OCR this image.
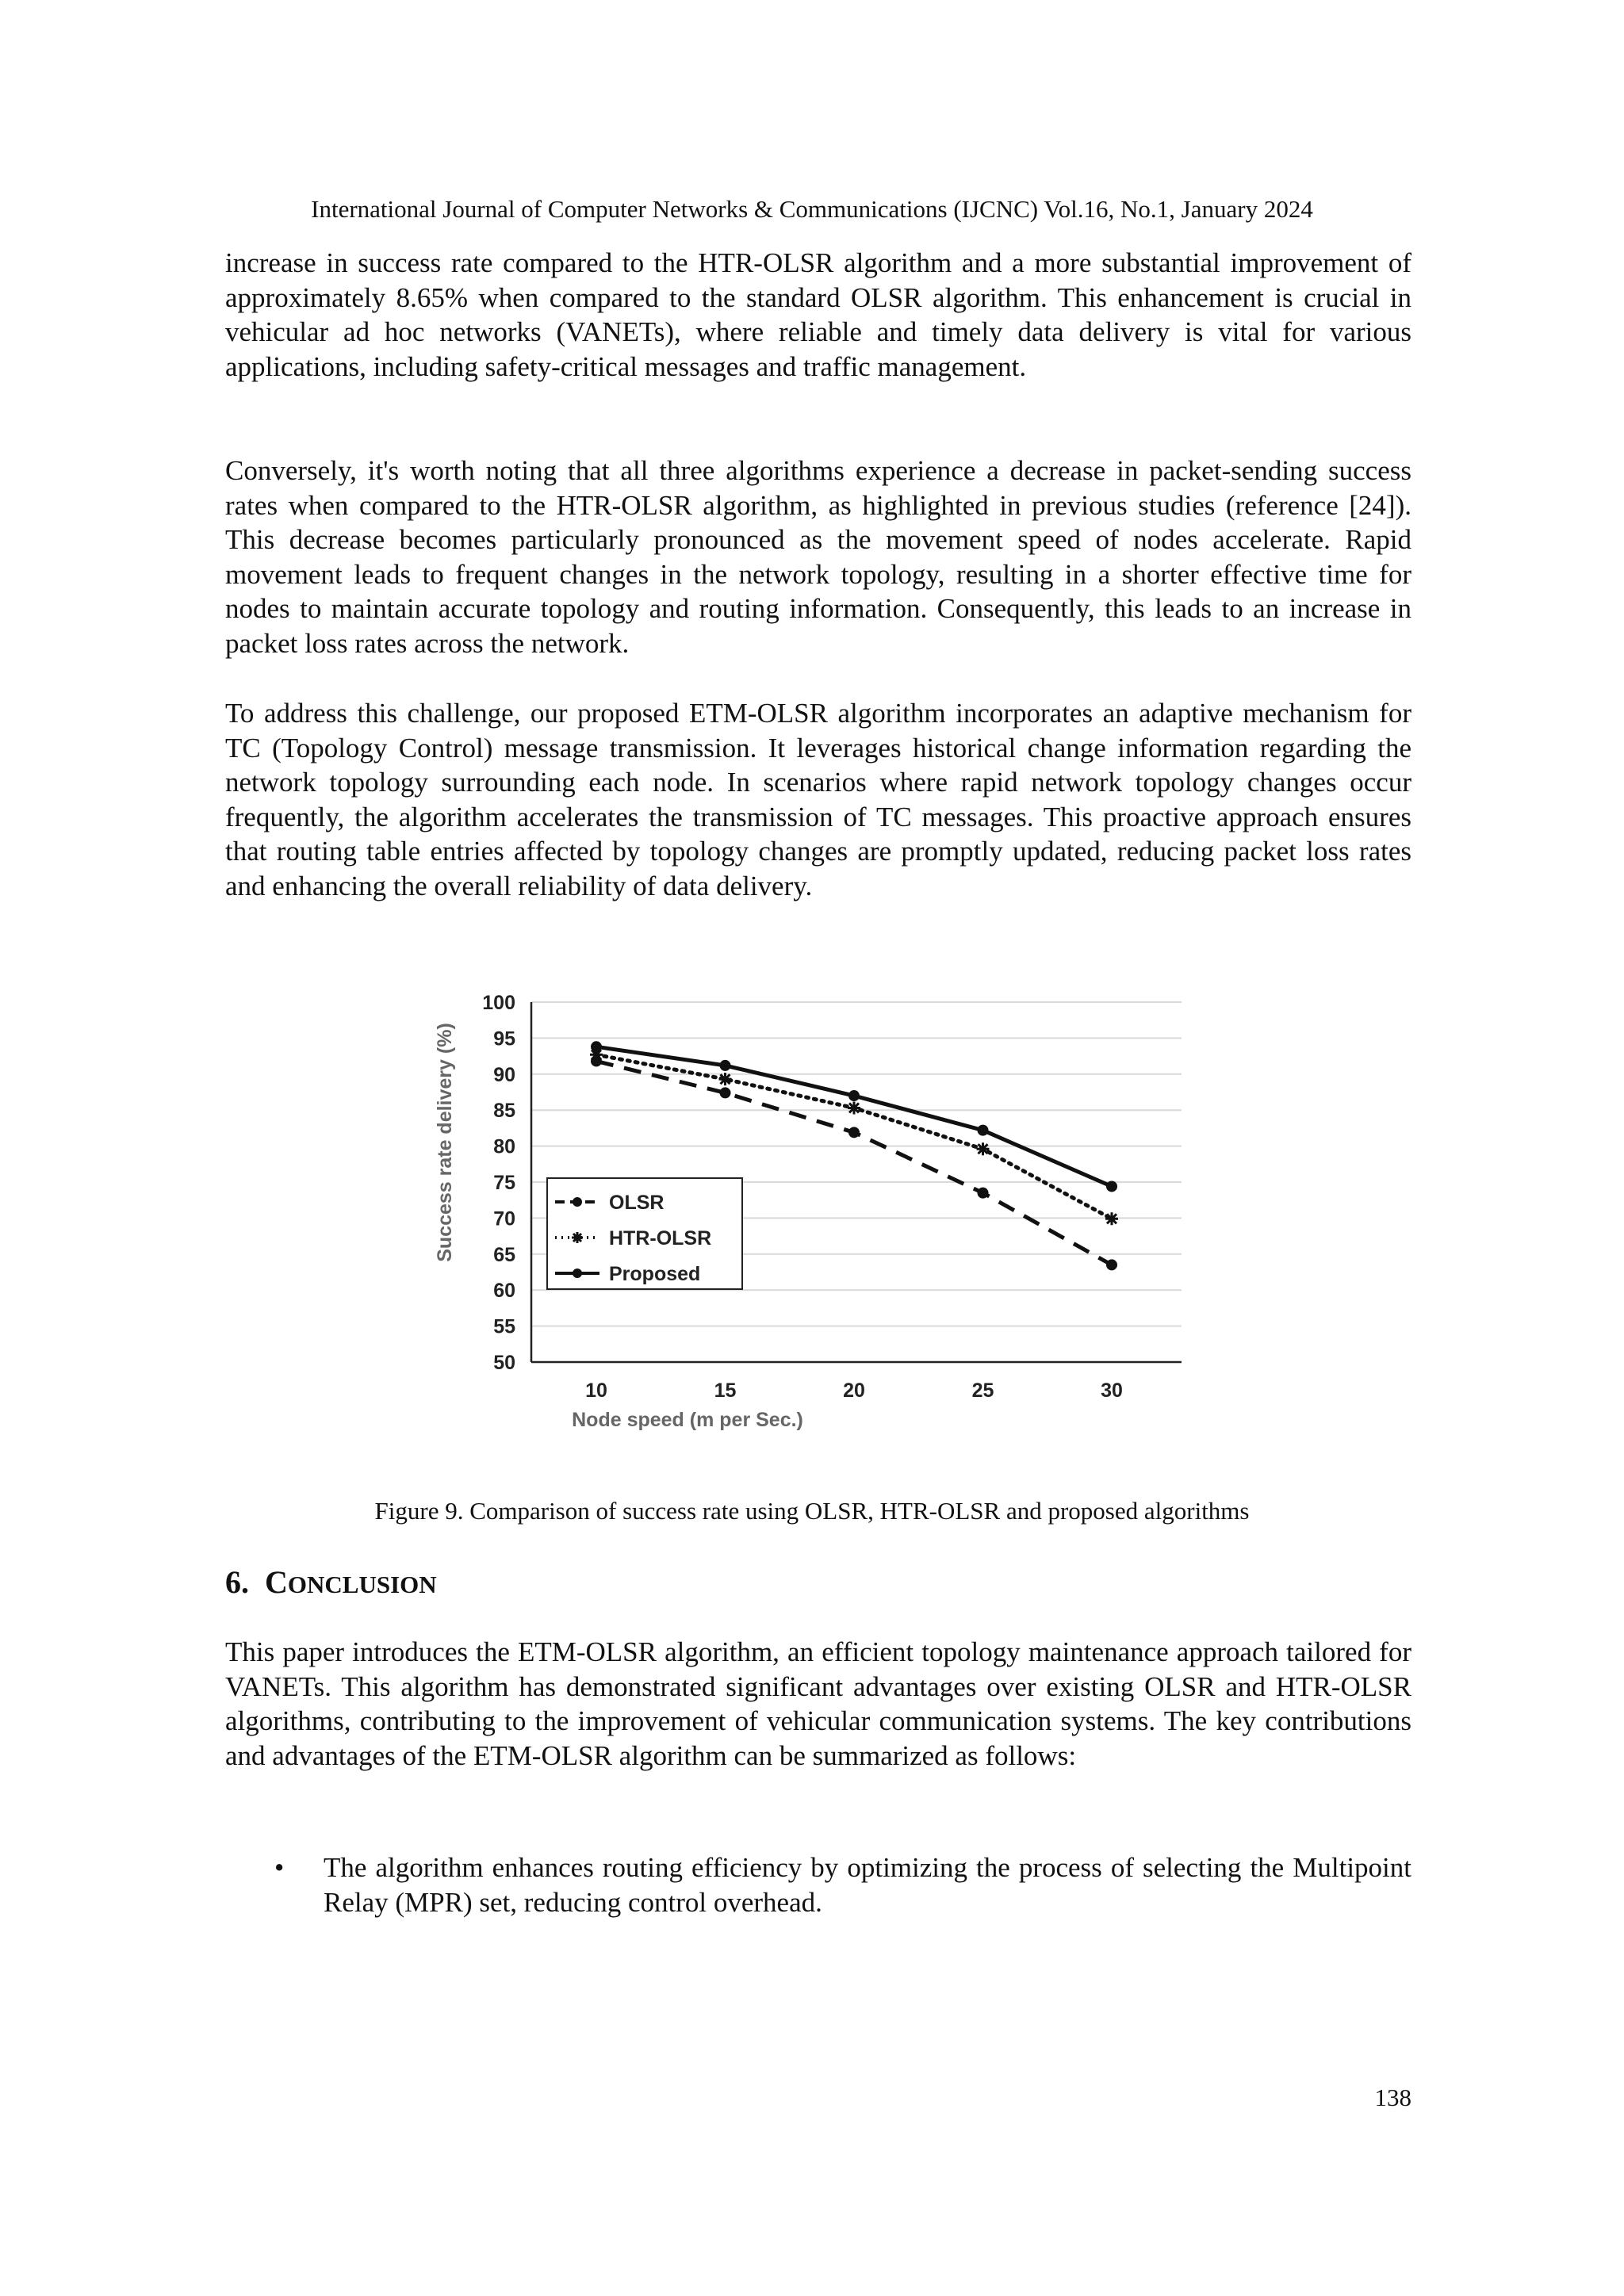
International Journal of Computer Networks & Communications (IJCNC) Vol.16, No.1, January 2024

increase in success rate compared to the HTR-OLSR algorithm and a more substantial improvement of approximately 8.65% when compared to the standard OLSR algorithm. This enhancement is crucial in vehicular ad hoc networks (VANETs), where reliable and timely data delivery is vital for various applications, including safety-critical messages and traffic management.

Conversely, it's worth noting that all three algorithms experience a decrease in packet-sending success rates when compared to the HTR-OLSR algorithm, as highlighted in previous studies (reference [24]). This decrease becomes particularly pronounced as the movement speed of nodes accelerate. Rapid movement leads to frequent changes in the network topology, resulting in a shorter effective time for nodes to maintain accurate topology and routing information. Consequently, this leads to an increase in packet loss rates across the network.

To address this challenge, our proposed ETM-OLSR algorithm incorporates an adaptive mechanism for TC (Topology Control) message transmission. It leverages historical change information regarding the network topology surrounding each node. In scenarios where rapid network topology changes occur frequently, the algorithm accelerates the transmission of TC messages. This proactive approach ensures that routing table entries affected by topology changes are promptly updated, reducing packet loss rates and enhancing the overall reliability of data delivery.

50
55
60
65
70
75
80
85
90
95
100
10	15	20	25	30
OLSR
HTR-OLSR
Proposed
Success rate delivery (%)
Node speed (m per Sec.)
Figure 9. Comparison of success rate using OLSR, HTR-OLSR and proposed algorithms
6. CONCLUSION

This paper introduces the ETM-OLSR algorithm, an efficient topology maintenance approach tailored for VANETs. This algorithm has demonstrated significant advantages over existing OLSR and HTR-OLSR algorithms, contributing to the improvement of vehicular communication systems. The key contributions and advantages of the ETM-OLSR algorithm can be summarized as follows:

• The algorithm enhances routing efficiency by optimizing the process of selecting the Multipoint Relay (MPR) set, reducing control overhead.
138
